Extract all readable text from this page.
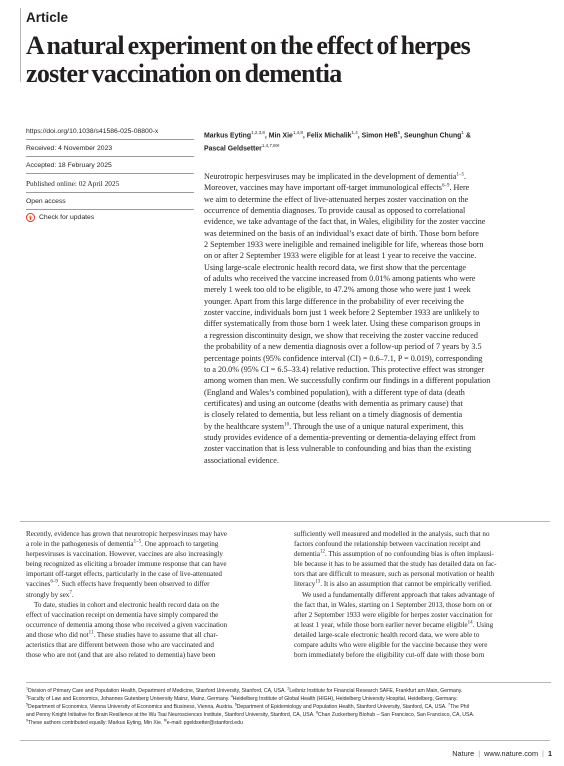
Article
A natural experiment on the effect of herpes
zoster vaccination on dementia
https://doi.org/10.1038/s41586-025-08800-x
Received: 4 November 2023
Accepted: 18 February 2025
Published online: 02 April 2025
Open access
Check for updates
Markus Eyting$^{1,2,3,8}$, Min Xie$^{1,4,8}$, Felix Michalik$^{1,4}$, Simon Heß$^5$, Seunghun Chung$^1$ &
Pascal Geldsetter$^{1,4,7,8✉}$
Neurotropic herpesviruses may be implicated in the development of dementia$^{1-5}$.
Moreover, vaccines may have important off-target immunological effects$^{6-9}$. Here
we aim to determine the effect of live-attenuated herpes zoster vaccination on the
occurrence of dementia diagnoses. To provide causal as opposed to correlational
evidence, we take advantage of the fact that, in Wales, eligibility for the zoster vaccine
was determined on the basis of an individual’s exact date of birth. Those born before
2 September 1933 were ineligible and remained ineligible for life, whereas those born
on or after 2 September 1933 were eligible for at least 1 year to receive the vaccine.
Using large-scale electronic health record data, we first show that the percentage
of adults who received the vaccine increased from 0.01% among patients who were
merely 1 week too old to be eligible, to 47.2% among those who were just 1 week
younger. Apart from this large difference in the probability of ever receiving the
zoster vaccine, individuals born just 1 week before 2 September 1933 are unlikely to
differ systematically from those born 1 week later. Using these comparison groups in
a regression discontinuity design, we show that receiving the zoster vaccine reduced
the probability of a new dementia diagnosis over a follow-up period of 7 years by 3.5
percentage points (95% confidence interval (CI) = 0.6–7.1, P = 0.019), corresponding
to a 20.0% (95% CI = 6.5–33.4) relative reduction. This protective effect was stronger
among women than men. We successfully confirm our findings in a different population
(England and Wales’s combined population), with a different type of data (death
certificates) and using an outcome (deaths with dementia as primary cause) that
is closely related to dementia, but less reliant on a timely diagnosis of dementia
by the healthcare system$^{10}$. Through the use of a unique natural experiment, this
study provides evidence of a dementia-preventing or dementia-delaying effect from
zoster vaccination that is less vulnerable to confounding and bias than the existing
associational evidence.
Recently, evidence has grown that neurotropic herpesviruses may have
a role in the pathogenesis of dementia$^{1-5}$. One approach to targeting
herpesviruses is vaccination. However, vaccines are also increasingly
being recognized as eliciting a broader immune response that can have
important off-target effects, particularly in the case of live-attenuated
vaccines$^{6-9}$. Such effects have frequently been observed to differ
strongly by sex$^7$.
To date, studies in cohort and electronic health record data on the
effect of vaccination receipt on dementia have simply compared the
occurrence of dementia among those who received a given vaccination
and those who did not$^{11}$. These studies have to assume that all char-
acteristics that are different between those who are vaccinated and
those who are not (and that are also related to dementia) have been
sufficiently well measured and modelled in the analysis, such that no
factors confound the relationship between vaccination receipt and
dementia$^{12}$. This assumption of no confounding bias is often implausi-
ble because it has to be assumed that the study has detailed data on fac-
tors that are difficult to measure, such as personal motivation or health
literacy$^{13}$. It is also an assumption that cannot be empirically verified.
We used a fundamentally different approach that takes advantage of
the fact that, in Wales, starting on 1 September 2013, those born on or
after 2 September 1933 were eligible for herpes zoster vaccination for
at least 1 year, while those born earlier never became eligible$^{14}$. Using
detailed large-scale electronic health record data, we were able to
compare adults who were eligible for the vaccine because they were
born immediately before the eligibility cut-off date with those born
$^1$Division of Primary Care and Population Health, Department of Medicine, Stanford University, Stanford, CA, USA. $^2$Leibniz Institute for Financial Research SAFE, Frankfurt am Main, Germany.
$^3$Faculty of Law and Economics, Johannes Gutenberg University Mainz, Mainz, Germany. $^4$Heidelberg Institute of Global Health (HIGH), Heidelberg University Hospital, Heidelberg, Germany.
$^5$Department of Economics, Vienna University of Economics and Business, Vienna, Austria. $^6$Department of Epidemiology and Population Health, Stanford University, Stanford, CA, USA. $^7$The Phil
and Penny Knight Initiative for Brain Resilience at the Wu Tsai Neurosciences Institute, Stanford University, Stanford, CA, USA. $^8$Chan Zuckerberg Biohub – San Francisco, San Francisco, CA, USA.
$^9$These authors contributed equally: Markus Eyting, Min Xie. ✉e-mail: pgeldsetter@stanford.edu
Nature | www.nature.com | 1
